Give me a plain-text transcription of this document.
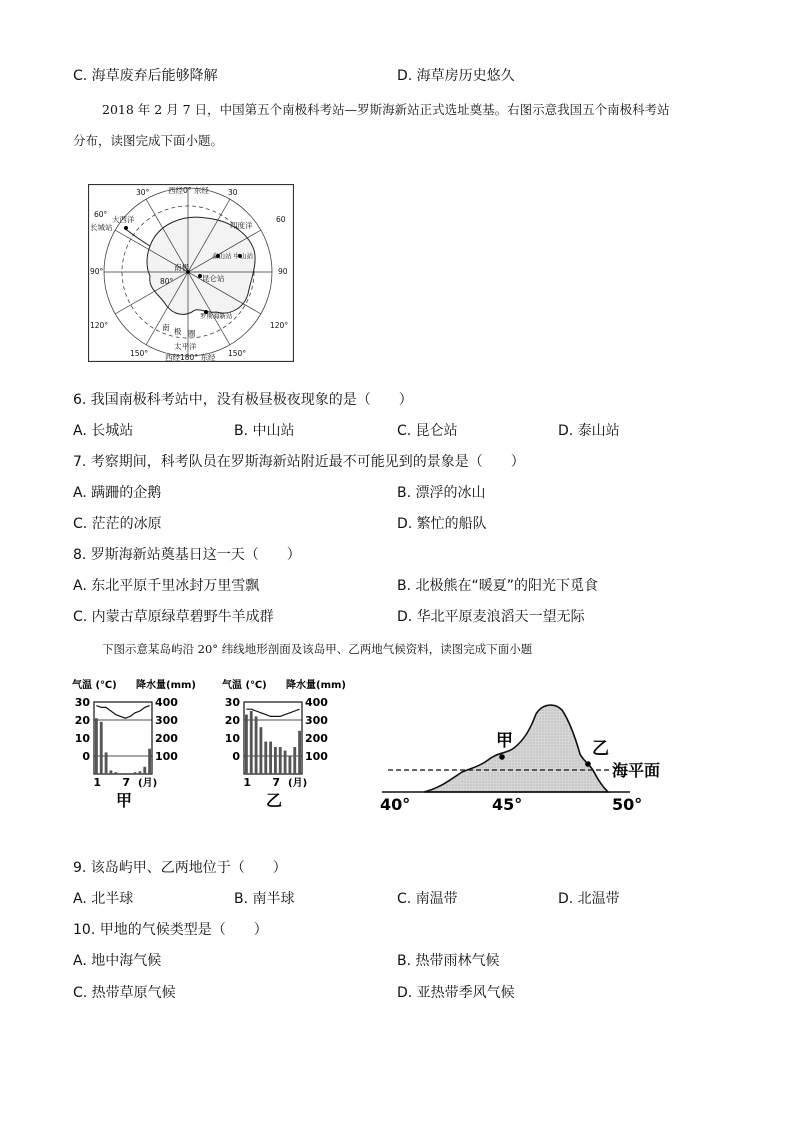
C. 海草废弃后能够降解	D. 海草房历史悠久
2018 年 2 月 7 日，中国第五个南极科考站—罗斯海新站正式选址奠基。右图示意我国五个南极科考站
分布，读图完成下面小题。
西经0° 东经
西经180° 东经
大西洋
印度洋
太平洋
南极
长城站
泰山站 中山站
昆仑站
罗斯海新站
南 极 圈
80°
30°	30
60°
60
90°	90
120°	120°
150°	150°
6. 我国南极科考站中，没有极昼极夜现象的是（　　）
A. 长城站	B. 中山站	C. 昆仑站	D. 泰山站
7. 考察期间，科考队员在罗斯海新站附近最不可能见到的景象是（　　）
A. 蹒跚的企鹅	B. 漂浮的冰山
C. 茫茫的冰原	D. 繁忙的船队
8. 罗斯海新站奠基日这一天（　　）
A. 东北平原千里冰封万里雪飘	B. 北极熊在“暖夏”的阳光下觅食
C. 内蒙古草原绿草碧野牛羊成群	D. 华北平原麦浪滔天一望无际
下图示意某岛屿沿 20° 纬线地形剖面及该岛甲、乙两地气候资料，读图完成下面小题
气温 (℃) 降水量(mm)
30	400
20	300
10	200
0	100
1 7 (月)
甲
气温 (℃) 降水量(mm)
30	400
20	300
10	200
0	100
1 7 (月)
乙
甲	乙
海平面
40°	45°	50°
9. 该岛屿甲、乙两地位于（　　）
A. 北半球	B. 南半球	C. 南温带	D. 北温带
10. 甲地的气候类型是（　　）
A. 地中海气候	B. 热带雨林气候
C. 热带草原气候	D. 亚热带季风气候
